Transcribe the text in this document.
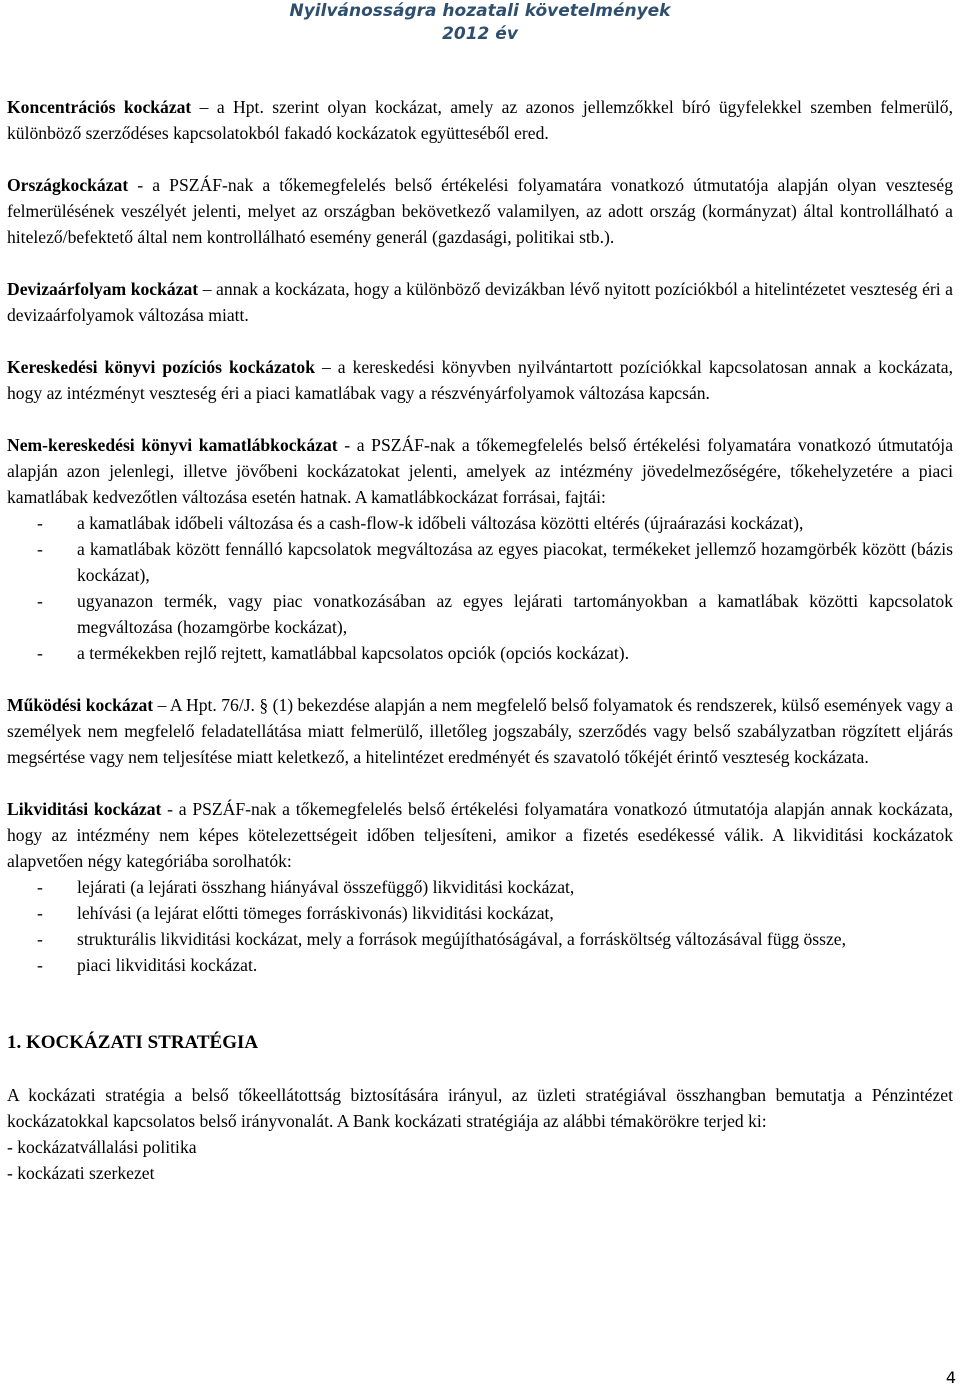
Nyilvánosságra hozatali követelmények
2012 év

Koncentrációs kockázat – a Hpt. szerint olyan kockázat, amely az azonos jellemzőkkel bíró ügyfelekkel szemben felmerülő, különböző szerződéses kapcsolatokból fakadó kockázatok együtteséből ered.

Országkockázat - a PSZÁF-nak a tőkemegfelelés belső értékelési folyamatára vonatkozó útmutatója alapján olyan veszteség felmerülésének veszélyét jelenti, melyet az országban bekövetkező valamilyen, az adott ország (kormányzat) által kontrollálható a hitelező/befektető által nem kontrollálható esemény generál (gazdasági, politikai stb.).

Devizaárfolyam kockázat – annak a kockázata, hogy a különböző devizákban lévő nyitott pozíciókból a hitelintézetet veszteség éri a devizaárfolyamok változása miatt.

Kereskedési könyvi pozíciós kockázatok – a kereskedési könyvben nyilvántartott pozíciókkal kapcsolatosan annak a kockázata, hogy az intézményt veszteség éri a piaci kamatlábak vagy a részvényárfolyamok változása kapcsán.

Nem-kereskedési könyvi kamatlábkockázat - a PSZÁF-nak a tőkemegfelelés belső értékelési folyamatára vonatkozó útmutatója alapján azon jelenlegi, illetve jövőbeni kockázatokat jelenti, amelyek az intézmény jövedelmezőségére, tőkehelyzetére a piaci kamatlábak kedvezőtlen változása esetén hatnak. A kamatlábkockázat forrásai, fajtái:

- a kamatlábak időbeli változása és a cash-flow-k időbeli változása közötti eltérés (újraárazási kockázat),
- a kamatlábak között fennálló kapcsolatok megváltozása az egyes piacokat, termékeket jellemző hozamgörbék között (bázis kockázat),
- ugyanazon termék, vagy piac vonatkozásában az egyes lejárati tartományokban a kamatlábak közötti kapcsolatok megváltozása (hozamgörbe kockázat),
- a termékekben rejlő rejtett, kamatlábbal kapcsolatos opciók (opciós kockázat).

Működési kockázat – A Hpt. 76/J. § (1) bekezdése alapján a nem megfelelő belső folyamatok és rendszerek, külső események vagy a személyek nem megfelelő feladatellátása miatt felmerülő, illetőleg jogszabály, szerződés vagy belső szabályzatban rögzített eljárás megsértése vagy nem teljesítése miatt keletkező, a hitelintézet eredményét és szavatoló tőkéjét érintő veszteség kockázata.

Likviditási kockázat - a PSZÁF-nak a tőkemegfelelés belső értékelési folyamatára vonatkozó útmutatója alapján annak kockázata, hogy az intézmény nem képes kötelezettségeit időben teljesíteni, amikor a fizetés esedékessé válik. A likviditási kockázatok alapvetően négy kategóriába sorolhatók:

- lejárati (a lejárati összhang hiányával összefüggő) likviditási kockázat,
- lehívási (a lejárat előtti tömeges forráskivonás) likviditási kockázat,
- strukturális likviditási kockázat, mely a források megújíthatóságával, a forrásköltség változásával függ össze,
- piaci likviditási kockázat.

1. KOCKÁZATI STRATÉGIA

A kockázati stratégia a belső tőkeellátottság biztosítására irányul, az üzleti stratégiával összhangban bemutatja a Pénzintézet kockázatokkal kapcsolatos belső irányvonalát. A Bank kockázati stratégiája az alábbi témakörökre terjed ki:

- kockázatvállalási politika

- kockázati szerkezet

4
